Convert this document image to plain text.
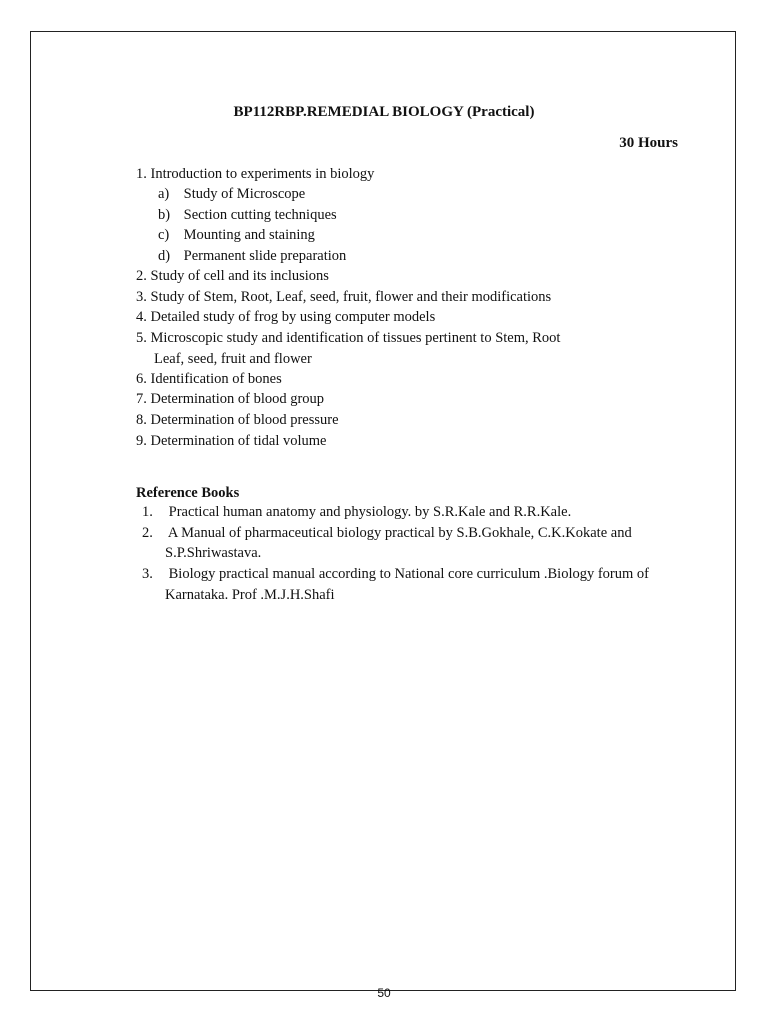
BP112RBP.REMEDIAL BIOLOGY (Practical)
30 Hours
1. Introduction to experiments in biology
a) Study of Microscope
b) Section cutting techniques
c) Mounting and staining
d) Permanent slide preparation
2. Study of cell and its inclusions
3. Study of Stem, Root, Leaf, seed, fruit, flower and their modifications
4. Detailed study of frog by using computer models
5. Microscopic study and identification of tissues pertinent to Stem, Root
Leaf, seed, fruit and flower
6. Identification of bones
7. Determination of blood group
8. Determination of blood pressure
9. Determination of tidal volume
Reference Books
1. Practical human anatomy and physiology. by S.R.Kale and R.R.Kale.
2. A Manual of pharmaceutical biology practical by S.B.Gokhale, C.K.Kokate and
S.P.Shriwastava.
3. Biology practical manual according to National core curriculum .Biology forum of
Karnataka. Prof .M.J.H.Shafi
50
